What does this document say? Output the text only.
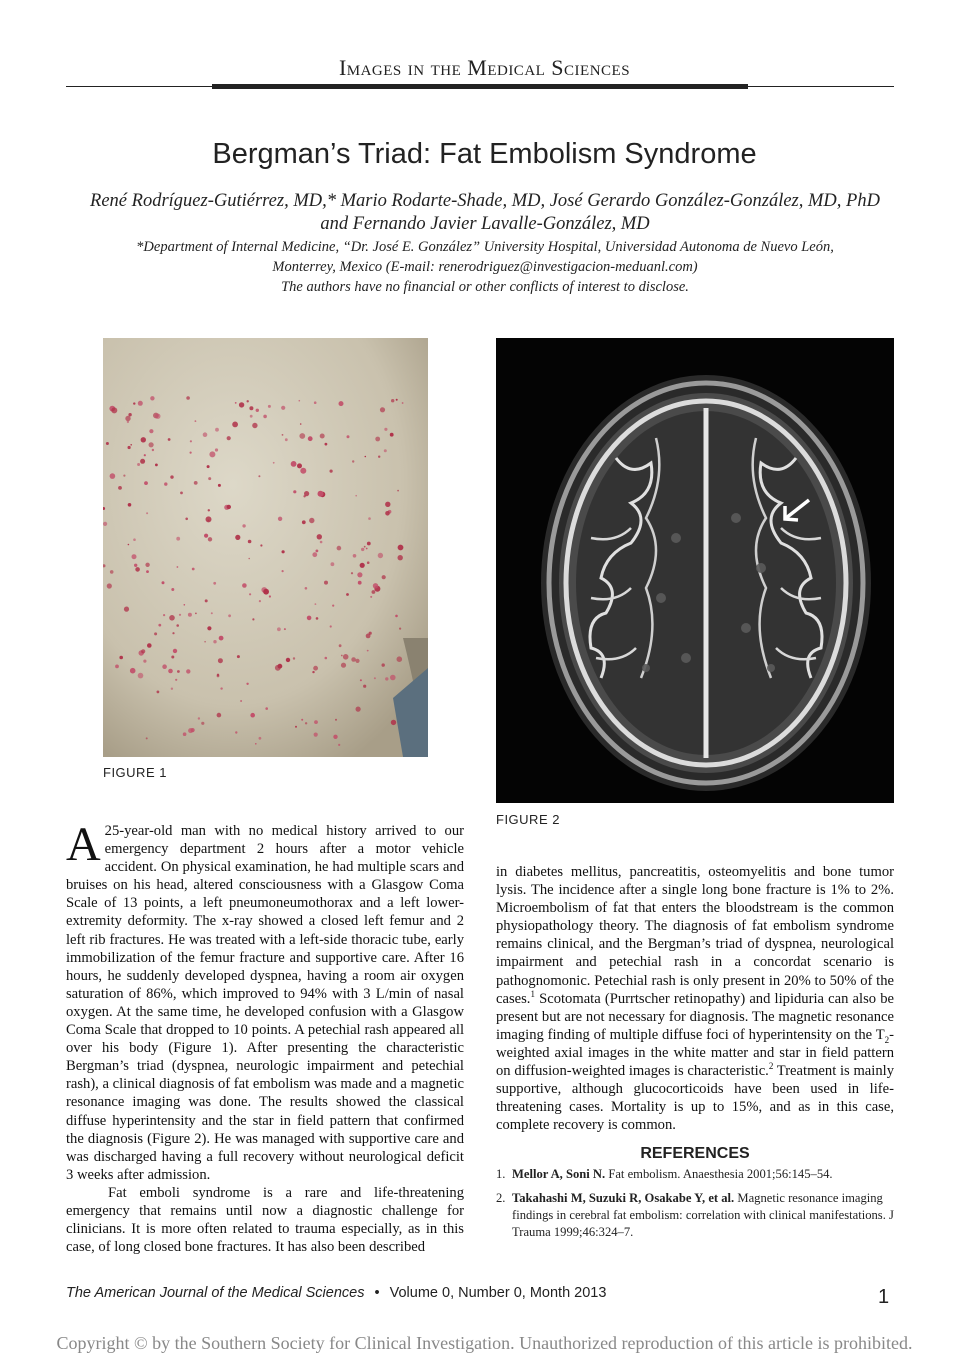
Images in the Medical Sciences
Bergman’s Triad: Fat Embolism Syndrome
René Rodríguez-Gutiérrez, MD,* Mario Rodarte-Shade, MD, José Gerardo González-González, MD, PhD
and Fernando Javier Lavalle-González, MD
*Department of Internal Medicine, “Dr. José E. González” University Hospital, Universidad Autonoma de Nuevo León,
Monterrey, Mexico (E-mail: renerodriguez@investigacion-meduanl.com)
The authors have no financial or other conflicts of interest to disclose.
FIGURE 1
FIGURE 2

A 25-year-old man with no medical history arrived to our emergency department 2 hours after a motor vehicle accident. On physical examination, he had multiple scars and bruises on his head, altered consciousness with a Glasgow Coma Scale of 13 points, a left pneumoneumothorax and a left lower-extremity deformity. The x-ray showed a closed left femur and 2 left rib fractures. He was treated with a left-side thoracic tube, early immobilization of the femur fracture and supportive care. After 16 hours, he suddenly developed dyspnea, having a room air oxygen saturation of 86%, which improved to 94% with 3 L/min of nasal oxygen. At the same time, he developed confusion with a Glasgow Coma Scale that dropped to 10 points. A petechial rash appeared all over his body (Figure 1). After presenting the characteristic Bergman’s triad (dyspnea, neurologic impairment and petechial rash), a clinical diagnosis of fat embolism was made and a magnetic resonance imaging was done. The results showed the classical diffuse hyperintensity and the star in field pattern that confirmed the diagnosis (Figure 2). He was managed with supportive care and was discharged having a full recovery without neurological deficit 3 weeks after admission.

Fat emboli syndrome is a rare and life-threatening emergency that remains until now a diagnostic challenge for clinicians. It is more often related to trauma especially, as in this case, of long closed bone fractures. It has also been described

in diabetes mellitus, pancreatitis, osteomyelitis and bone tumor lysis. The incidence after a single long bone fracture is 1% to 2%. Microembolism of fat that enters the bloodstream is the common physiopathology theory. The diagnosis of fat embolism syndrome remains clinical, and the Bergman’s triad of dyspnea, neurological impairment and petechial rash in a concordat scenario is pathognomonic. Petechial rash is only present in 20% to 50% of the cases.$^1$ Scotomata (Purrtscher retinopathy) and lipiduria can also be present but are not necessary for diagnosis. The magnetic resonance imaging finding of multiple diffuse foci of hyperintensity on the $T_2$-weighted axial images in the white matter and star in field pattern on diffusion-weighted images is characteristic.$^2$ Treatment is mainly supportive, although glucocorticoids have been used in life-threatening cases. Mortality is up to 15%, and as in this case, complete recovery is common.

REFERENCES
1. Mellor A, Soni N. Fat embolism. Anaesthesia 2001;56:145–54.
2. Takahashi M, Suzuki R, Osakabe Y, et al. Magnetic resonance imaging findings in cerebral fat embolism: correlation with clinical manifestations. J Trauma 1999;46:324–7.
The American Journal of the Medical Sciences • Volume 0, Number 0, Month 2013	1
Copyright © by the Southern Society for Clinical Investigation. Unauthorized reproduction of this article is prohibited.
